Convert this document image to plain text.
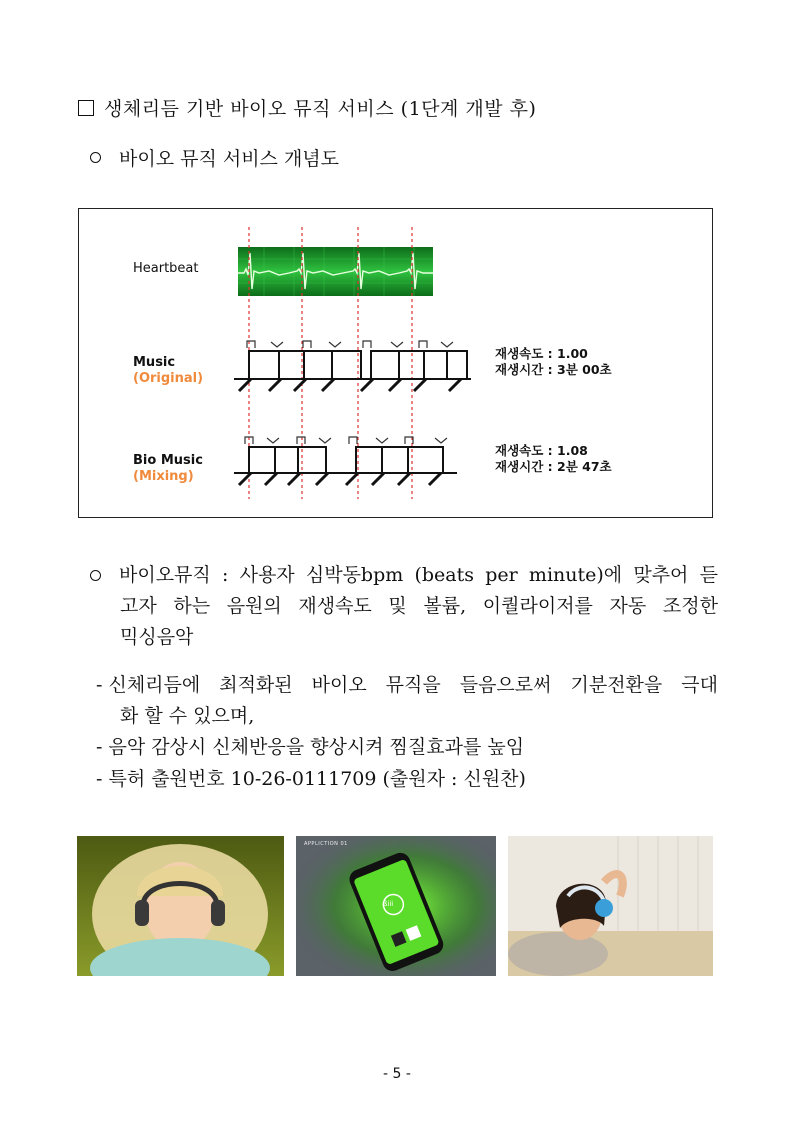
생체리듬 기반 바이오 뮤직 서비스 (1단계 개발 후)
바이오 뮤직 서비스 개념도
Heartbeat
Music
(Original)
Bio Music
(Mixing)
재생속도 : 1.00
재생시간 : 3분 00초
재생속도 : 1.08
재생시간 : 2분 47초
바이오뮤직 : 사용자 심박동bpm (beats per minute)에 맞추어 듣
고자 하는 음원의 재생속도 및 볼륨, 이퀄라이저를 자동 조정한
믹싱음악
- 신체리듬에 최적화된 바이오 뮤직을 들음으로써 기분전환을 극대
화 할 수 있으며,
- 음악 감상시 신체반응을 향상시켜 찜질효과를 높임
- 특허 출원번호 10-26-0111709 (출원자 : 신원찬)
APPLICTION 01
ßiii
- 5 -
